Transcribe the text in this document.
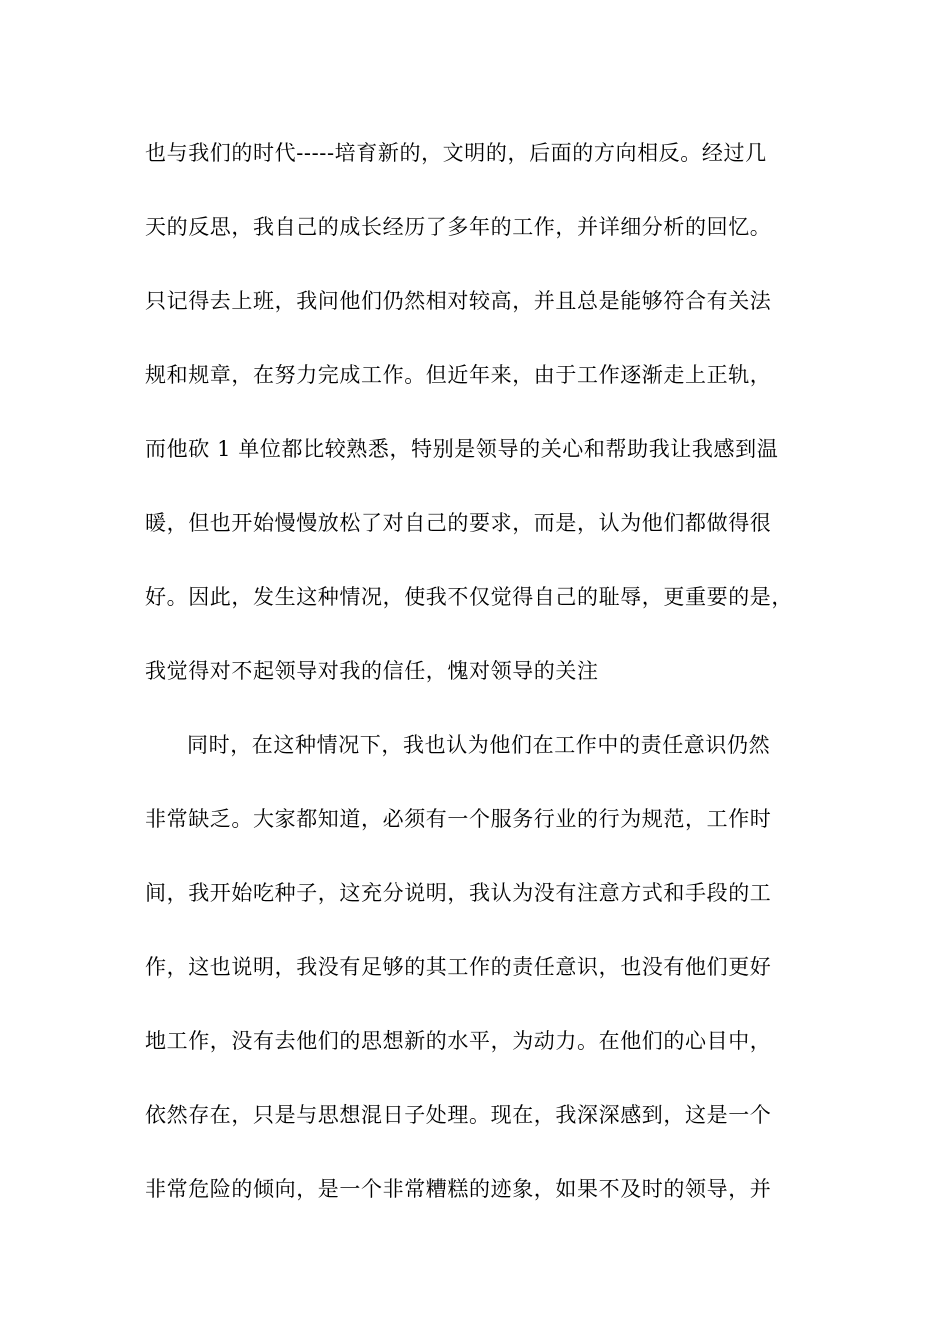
也与我们的时代-----培育新的，文明的，后面的方向相反。经过几
天的反思，我自己的成长经历了多年的工作，并详细分析的回忆。
只记得去上班，我问他们仍然相对较高，并且总是能够符合有关法
规和规章，在努力完成工作。但近年来，由于工作逐渐走上正轨，
而他砍 1 单位都比较熟悉，特别是领导的关心和帮助我让我感到温
暖，但也开始慢慢放松了对自己的要求，而是，认为他们都做得很
好。因此，发生这种情况，使我不仅觉得自己的耻辱，更重要的是，
我觉得对不起领导对我的信任，愧对领导的关注
同时，在这种情况下，我也认为他们在工作中的责任意识仍然
非常缺乏。大家都知道，必须有一个服务行业的行为规范，工作时
间，我开始吃种子，这充分说明，我认为没有注意方式和手段的工
作，这也说明，我没有足够的其工作的责任意识，也没有他们更好
地工作，没有去他们的思想新的水平，为动力。在他们的心目中，
依然存在，只是与思想混日子处理。现在，我深深感到，这是一个
非常危险的倾向，是一个非常糟糕的迹象，如果不及时的领导，并
